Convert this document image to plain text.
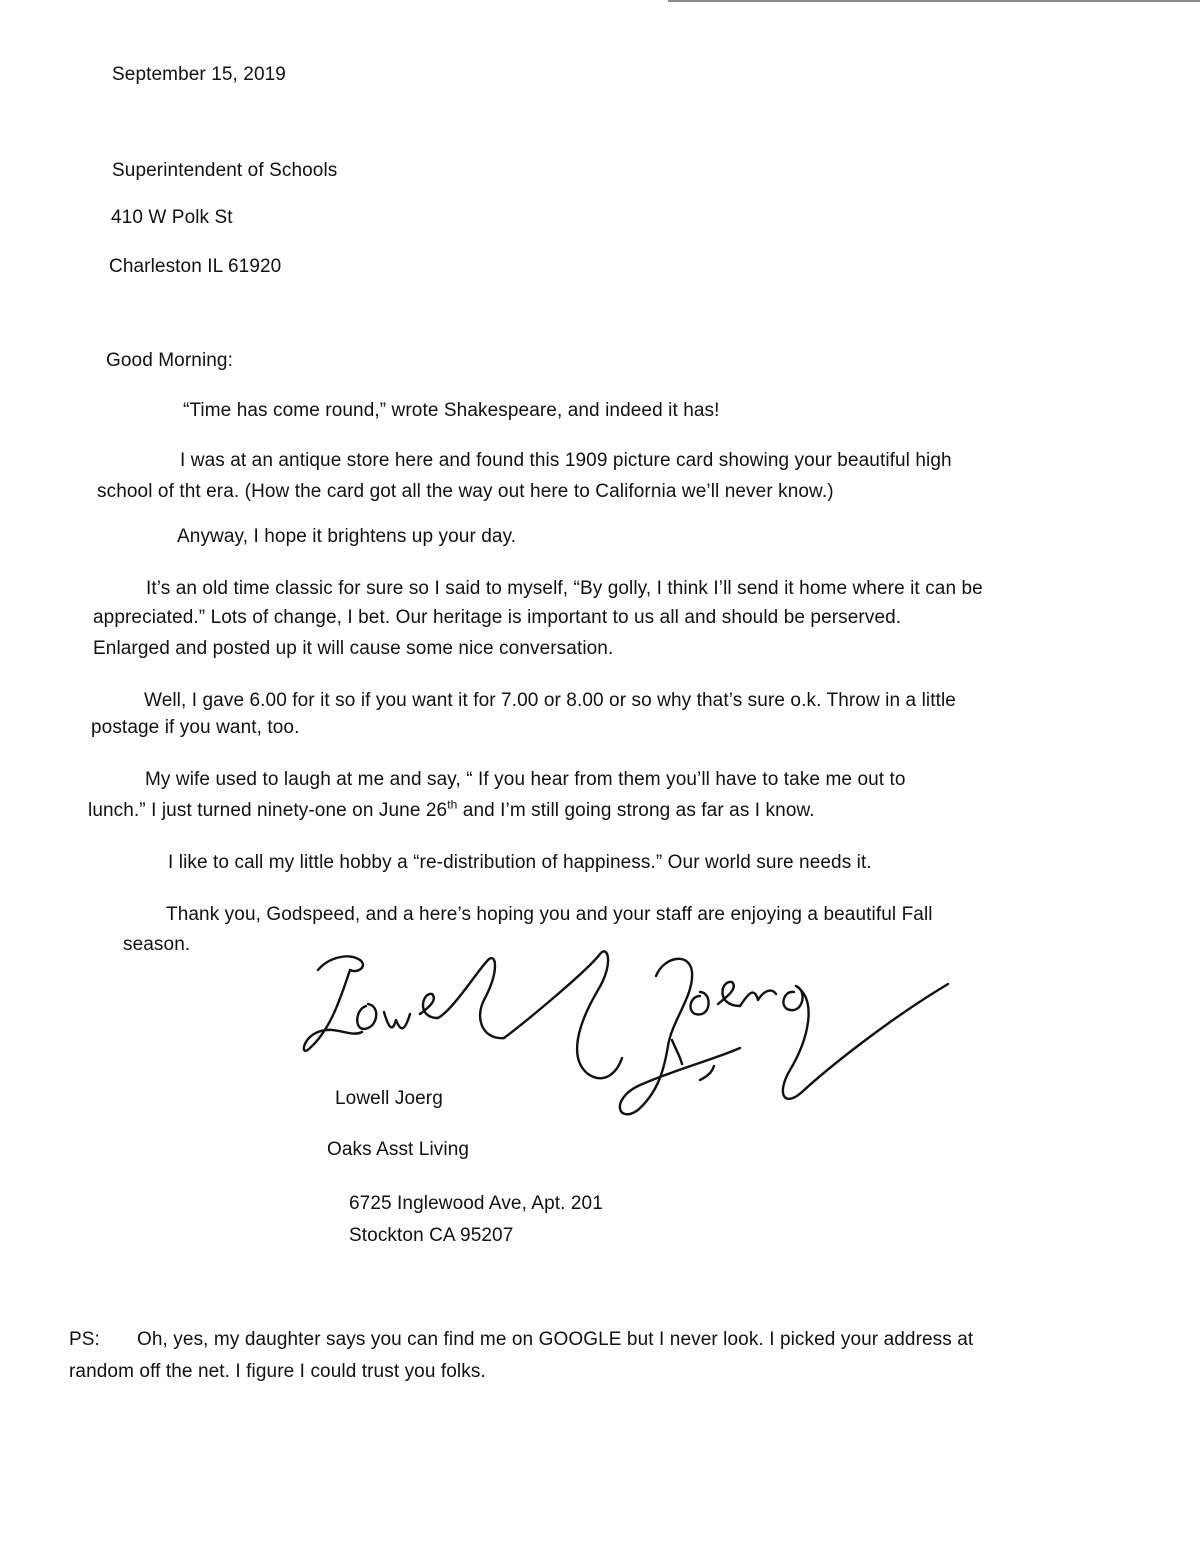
September 15, 2019
Superintendent of Schools
410 W Polk St
Charleston IL 61920
Good Morning:
“Time has come round,” wrote Shakespeare, and indeed it has!
I was at an antique store here and found this 1909 picture card showing your beautiful high
school of tht era. (How the card got all the way out here to California we’ll never know.)
Anyway, I hope it brightens up your day.
It’s an old time classic for sure so I said to myself, “By golly, I think I’ll send it home where it can be
appreciated.” Lots of change, I bet. Our heritage is important to us all and should be perserved.
Enlarged and posted up it will cause some nice conversation.
Well, I gave 6.00 for it so if you want it for 7.00 or 8.00 or so why that’s sure o.k. Throw in a little
postage if you want, too.
My wife used to laugh at me and say, “ If you hear from them you’ll have to take me out to
lunch.” I just turned ninety-one on June 26th and I’m still going strong as far as I know.
I like to call my little hobby a “re-distribution of happiness.” Our world sure needs it.
Thank you, Godspeed, and a here’s hoping you and your staff are enjoying a beautiful Fall
season.
Lowell Joerg
Oaks Asst Living
6725 Inglewood Ave, Apt. 201
Stockton CA 95207
PS: Oh, yes, my daughter says you can find me on GOOGLE but I never look. I picked your address at
random off the net. I figure I could trust you folks.
